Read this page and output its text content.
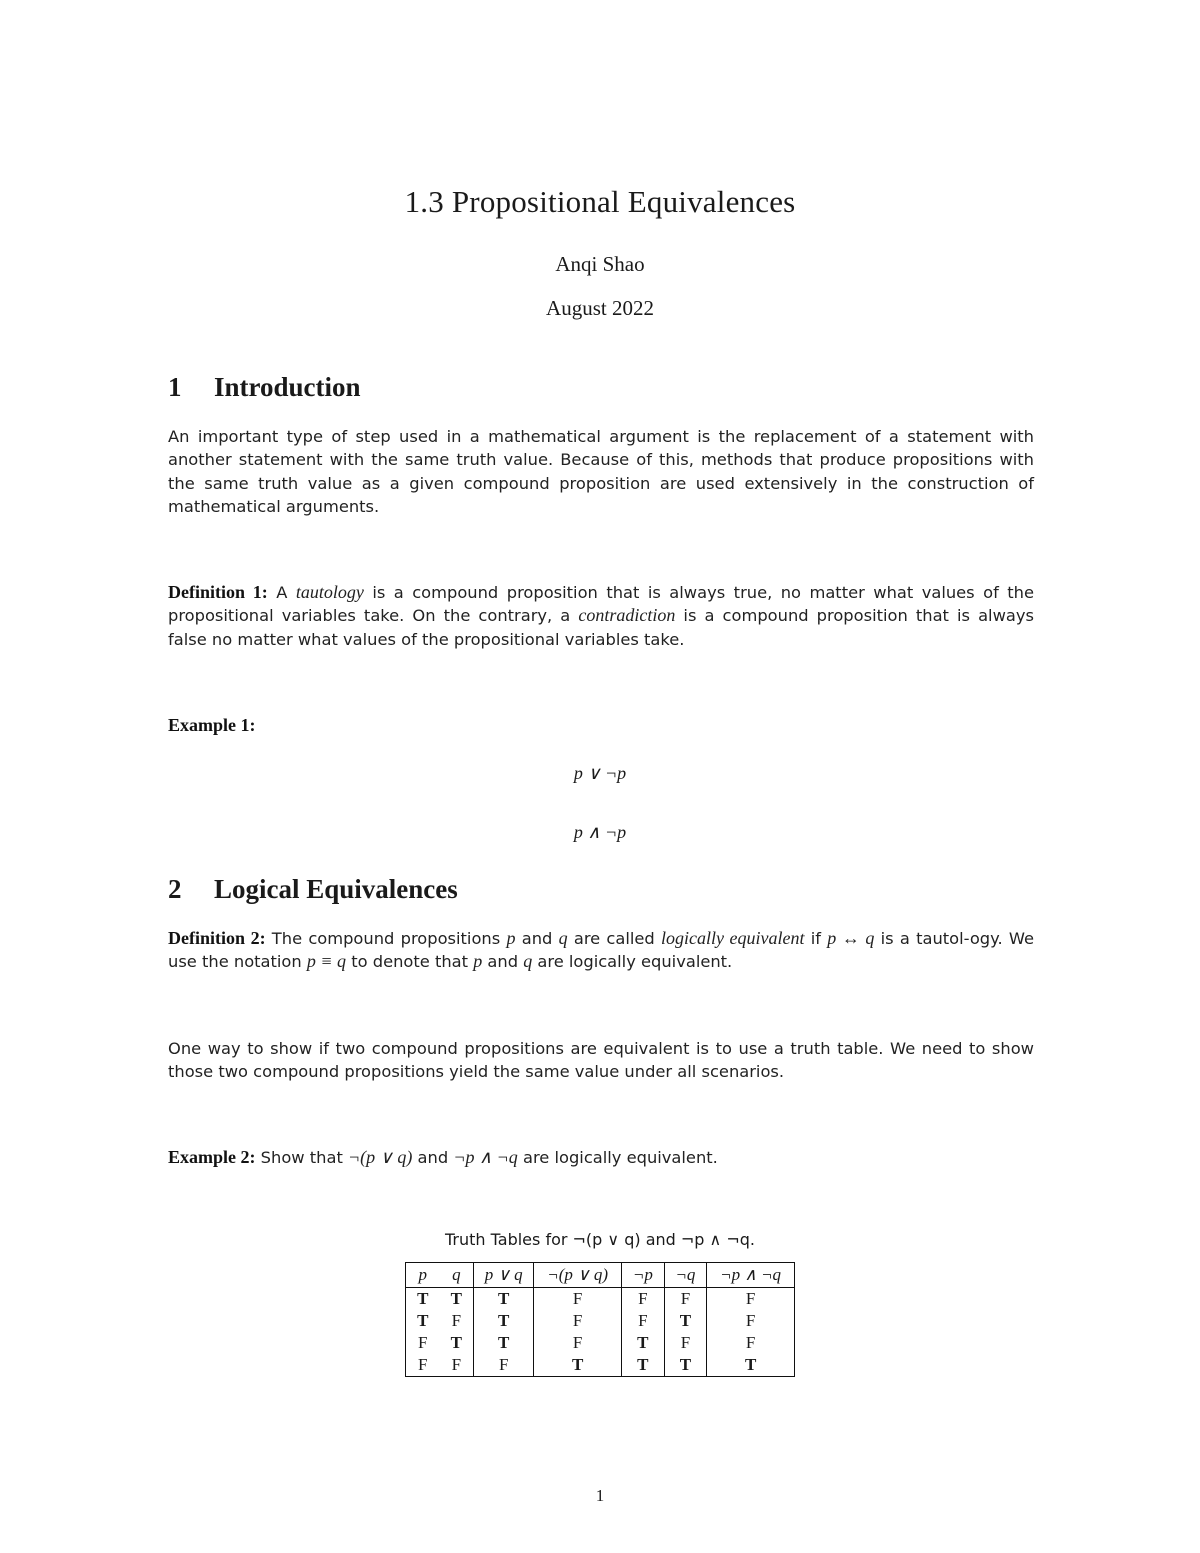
1.3 Propositional Equivalences
Anqi Shao
August 2022
1 Introduction
An important type of step used in a mathematical argument is the replacement of a statement with another statement with the same truth value. Because of this, methods that produce propositions with the same truth value as a given compound proposition are used extensively in the construction of mathematical arguments.
Definition 1: A tautology is a compound proposition that is always true, no matter what values of the propositional variables take. On the contrary, a contradiction is a compound proposition that is always false no matter what values of the propositional variables take.
Example 1:
p ∨ ¬p
p ∧ ¬p
2 Logical Equivalences
Definition 2: The compound propositions p and q are called logically equivalent if p ↔ q is a tautol-ogy. We use the notation p ≡ q to denote that p and q are logically equivalent.
One way to show if two compound propositions are equivalent is to use a truth table. We need to show those two compound propositions yield the same value under all scenarios.
Example 2: Show that ¬(p ∨ q) and ¬p ∧ ¬q are logically equivalent.
Truth Tables for ¬(p ∨ q) and ¬p ∧ ¬q.
p	q	p ∨ q	¬(p ∨ q)	¬p	¬q	¬p ∧ ¬q
T	T	T	F	F	F	F
T	F	T	F	F	T	F
F	T	T	F	T	F	F
F	F	F	T	T	T	T
1
